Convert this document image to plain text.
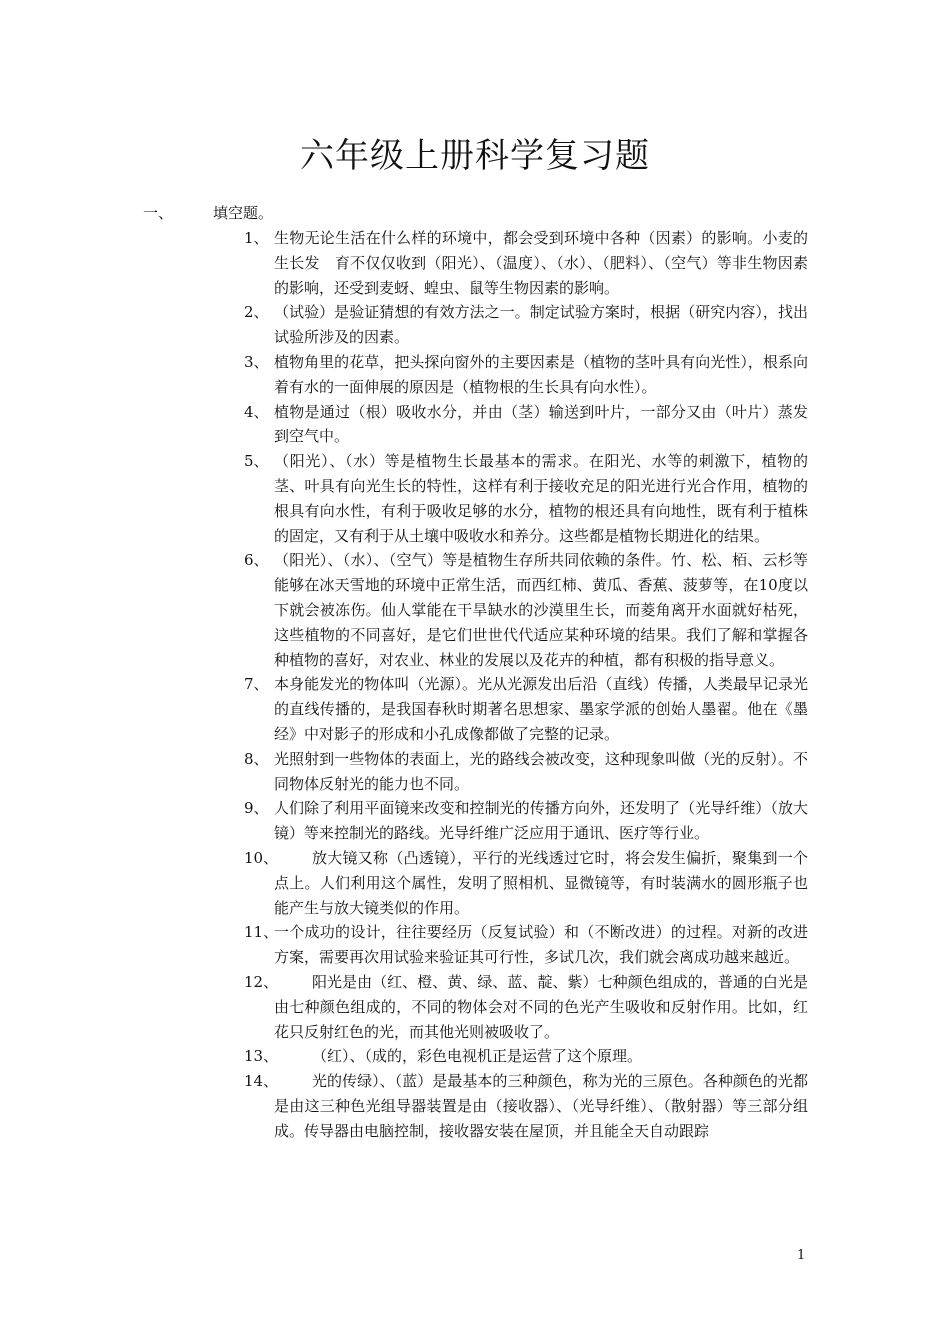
六年级上册科学复习题
一、	填空题。
1、 生物无论生活在什么样的环境中，都会受到环境中各种（因素）的影响。小麦的生长发　育不仅仅收到（阳光）、（温度）、（水）、（肥料）、（空气）等非生物因素的影响，还受到麦蚜、蝗虫、鼠等生物因素的影响。
2、 （试验）是验证猜想的有效方法之一。制定试验方案时，根据（研究内容），找出试验所涉及的因素。
3、 植物角里的花草，把头探向窗外的主要因素是（植物的茎叶具有向光性），根系向着有水的一面伸展的原因是（植物根的生长具有向水性）。
4、 植物是通过（根）吸收水分，并由（茎）输送到叶片，一部分又由（叶片）蒸发到空气中。
5、 （阳光）、（水）等是植物生长最基本的需求。在阳光、水等的刺激下，植物的茎、叶具有向光生长的特性，这样有利于接收充足的阳光进行光合作用，植物的根具有向水性，有利于吸收足够的水分，植物的根还具有向地性，既有利于植株的固定，又有利于从土壤中吸收水和养分。这些都是植物长期进化的结果。
6、 （阳光）、（水）、（空气）等是植物生存所共同依赖的条件。竹、松、栢、云杉等能够在冰天雪地的环境中正常生活，而西红柿、黄瓜、香蕉、菠萝等，在10度以下就会被冻伤。仙人掌能在干旱缺水的沙漠里生长，而菱角离开水面就好枯死，这些植物的不同喜好，是它们世世代代适应某种环境的结果。我们了解和掌握各种植物的喜好，对农业、林业的发展以及花卉的种植，都有积极的指导意义。
7、 本身能发光的物体叫（光源）。光从光源发出后沿（直线）传播，人类最早记录光的直线传播的，是我国春秋时期著名思想家、墨家学派的创始人墨翟。他在《墨经》中对影子的形成和小孔成像都做了完整的记录。
8、 光照射到一些物体的表面上，光的路线会被改变，这种现象叫做（光的反射）。不同物体反射光的能力也不同。
9、 人们除了利用平面镜来改变和控制光的传播方向外，还发明了（光导纤维）（放大镜）等来控制光的路线。光导纤维广泛应用于通讯、医疗等行业。
10、	放大镜又称（凸透镜），平行的光线透过它时，将会发生偏折，聚集到一个点上。人们利用这个属性，发明了照相机、显微镜等，有时装满水的圆形瓶子也能产生与放大镜类似的作用。
11、
一个成功的设计，往往要经历（反复试验）和（不断改进）的过程。对新的改进方案，需要再次用试验来验证其可行性，多试几次，我们就会离成功越来越近。
12、	阳光是由（红、橙、黄、绿、蓝、靛、紫）七种颜色组成的，普通的白光是由七种颜色组成的，不同的物体会对不同的色光产生吸收和反射作用。比如，红花只反射红色的光，而其他光则被吸收了。
13、	（红）、（成的，彩色电视机正是运营了这个原理。
14、	光的传绿）、（蓝）是最基本的三种颜色，称为光的三原色。各种颜色的光都是由这三种色光组导器装置是由（接收器）、（光导纤维）、（散射器）等三部分组成。传导器由电脑控制，接收器安装在屋顶，并且能全天自动跟踪
1
